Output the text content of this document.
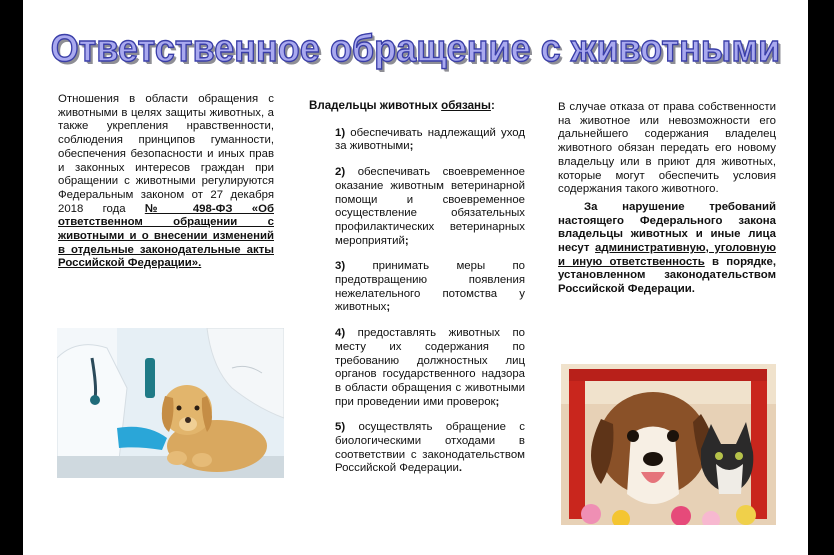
Ответственное обращение с животными
Отношения в области обращения с животными в целях защиты животных, а также укрепления нравственности, соблюдения принципов гуманности, обеспечения безопасности и иных прав и законных интересов граждан при обращении с животными регулируются Федеральным законом от 27 декабря 2018 года № 498-ФЗ «Об ответственном обращении с животными и о внесении изменений в отдельные законодательные акты Российской Федерации».
Владельцы животных обязаны:

1) обеспечивать надлежащий уход за животными;

2) обеспечивать своевременное оказание животным ветеринарной помощи и своевременное осуществление обязательных профилактических ветеринарных мероприятий;

3) принимать меры по предотвращению появления нежелательного потомства у животных;

4) предоставлять животных по месту их содержания по требованию должностных лиц органов государственного надзора в области обращения с животными при проведении ими проверок;

5) осуществлять обращение с биологическими отходами в соответствии с законодательством Российской Федерации.

В случае отказа от права собственности на животное или невозможности его дальнейшего содержания владелец животного обязан передать его новому владельцу или в приют для животных, которые могут обеспечить условия содержания такого животного.

За нарушение требований настоящего Федерального закона владельцы животных и иные лица несут административную, уголовную и иную ответственность в порядке, установленном законодательством Российской Федерации.
